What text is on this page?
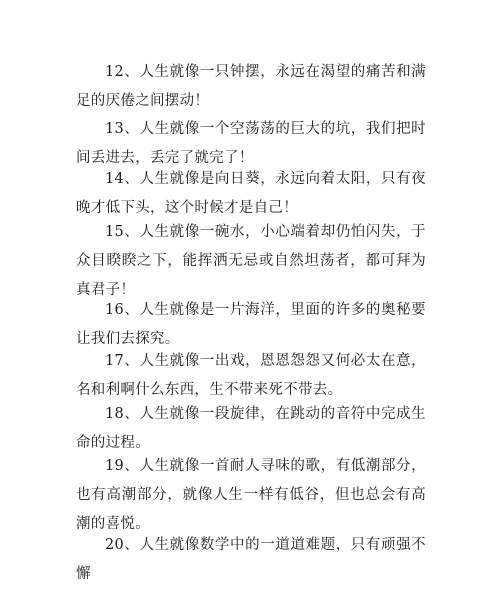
12、人生就像一只钟摆，永远在渴望的痛苦和满足的厌倦之间摆动！

13、人生就像一个空荡荡的巨大的坑，我们把时间丢进去，丢完了就完了！

14、人生就像是向日葵，永远向着太阳，只有夜晚才低下头，这个时候才是自己！

15、人生就像一碗水，小心端着却仍怕闪失，于众目睽睽之下，能挥洒无忌或自然坦荡者，都可拜为真君子！

16、人生就像是一片海洋，里面的许多的奥秘要让我们去探究。

17、人生就像一出戏，恩恩怨怨又何必太在意，名和利啊什么东西，生不带来死不带去。

18、人生就像一段旋律，在跳动的音符中完成生命的过程。

19、人生就像一首耐人寻味的歌，有低潮部分，也有高潮部分，就像人生一样有低谷，但也总会有高潮的喜悦。

20、人生就像数学中的一道道难题，只有顽强不懈
